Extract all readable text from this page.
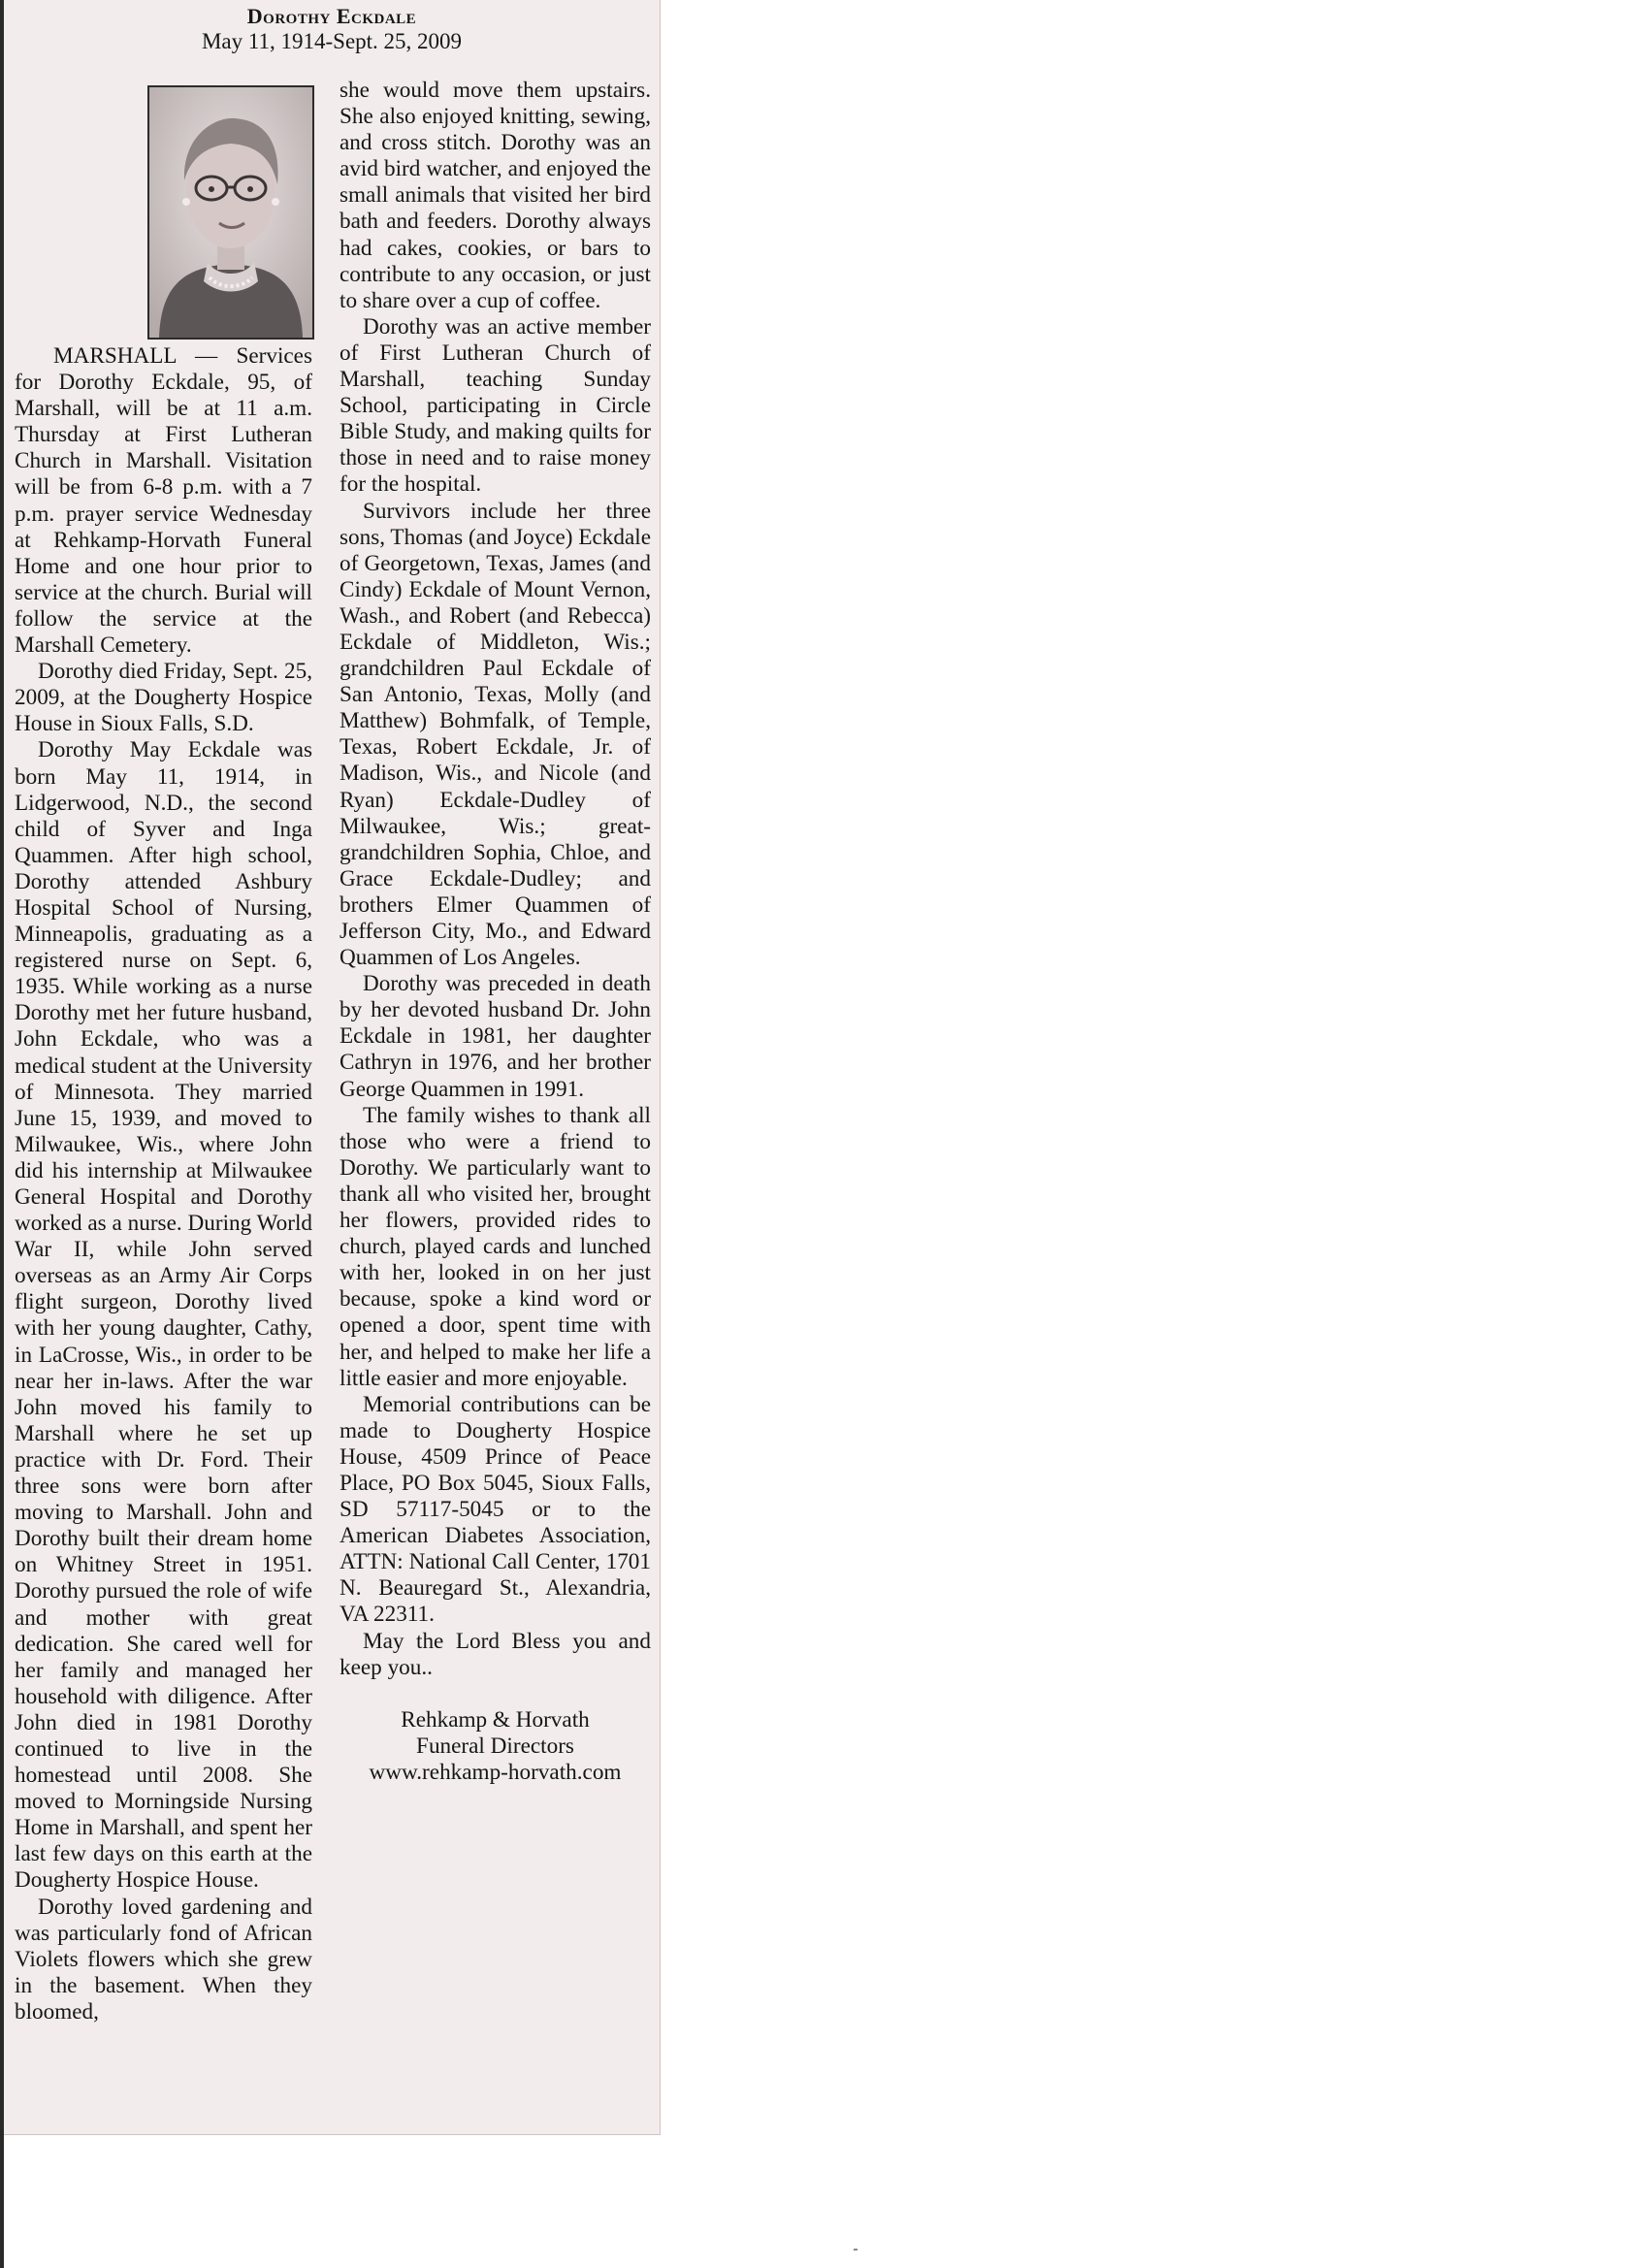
Dorothy Eckdale
May 11, 1914-Sept. 25, 2009

MARSHALL — Services for Dorothy Eckdale, 95, of Marshall, will be at 11 a.m. Thursday at First Lutheran Church in Marshall. Visitation will be from 6-8 p.m. with a 7 p.m. prayer service Wednesday at Rehkamp-Horvath Funeral Home and one hour prior to service at the church. Burial will follow the service at the Marshall Cemetery.

Dorothy died Friday, Sept. 25, 2009, at the Dougherty Hospice House in Sioux Falls, S.D.

Dorothy May Eckdale was born May 11, 1914, in Lidgerwood, N.D., the second child of Syver and Inga Quammen. After high school, Dorothy attended Ashbury Hospital School of Nursing, Minneapolis, graduating as a registered nurse on Sept. 6, 1935. While working as a nurse Dorothy met her future husband, John Eckdale, who was a medical student at the University of Minnesota. They married June 15, 1939, and moved to Milwaukee, Wis., where John did his internship at Milwaukee General Hospital and Dorothy worked as a nurse. During World War II, while John served overseas as an Army Air Corps flight surgeon, Dorothy lived with her young daughter, Cathy, in LaCrosse, Wis., in order to be near her in-laws. After the war John moved his family to Marshall where he set up practice with Dr. Ford. Their three sons were born after moving to Marshall. John and Dorothy built their dream home on Whitney Street in 1951. Dorothy pursued the role of wife and mother with great dedication. She cared well for her family and managed her household with diligence. After John died in 1981 Dorothy continued to live in the homestead until 2008. She moved to Morningside Nursing Home in Marshall, and spent her last few days on this earth at the Dougherty Hospice House.

Dorothy loved gardening and was particularly fond of African Violets flowers which she grew in the basement. When they bloomed,

she would move them upstairs. She also enjoyed knitting, sewing, and cross stitch. Dorothy was an avid bird watcher, and enjoyed the small animals that visited her bird bath and feeders. Dorothy always had cakes, cookies, or bars to contribute to any occasion, or just to share over a cup of coffee.

Dorothy was an active member of First Lutheran Church of Marshall, teaching Sunday School, participating in Circle Bible Study, and making quilts for those in need and to raise money for the hospital.

Survivors include her three sons, Thomas (and Joyce) Eckdale of Georgetown, Texas, James (and Cindy) Eckdale of Mount Vernon, Wash., and Robert (and Rebecca) Eckdale of Middleton, Wis.; grandchildren Paul Eckdale of San Antonio, Texas, Molly (and Matthew) Bohmfalk, of Temple, Texas, Robert Eckdale, Jr. of Madison, Wis., and Nicole (and Ryan) Eckdale-Dudley of Milwaukee, Wis.; great-grandchildren Sophia, Chloe, and Grace Eckdale-Dudley; and brothers Elmer Quammen of Jefferson City, Mo., and Edward Quammen of Los Angeles.

Dorothy was preceded in death by her devoted husband Dr. John Eckdale in 1981, her daughter Cathryn in 1976, and her brother George Quammen in 1991.

The family wishes to thank all those who were a friend to Dorothy. We particularly want to thank all who visited her, brought her flowers, provided rides to church, played cards and lunched with her, looked in on her just because, spoke a kind word or opened a door, spent time with her, and helped to make her life a little easier and more enjoyable.

Memorial contributions can be made to Dougherty Hospice House, 4509 Prince of Peace Place, PO Box 5045, Sioux Falls, SD 57117-5045 or to the American Diabetes Association, ATTN: National Call Center, 1701 N. Beauregard St., Alexandria, VA 22311.

May the Lord Bless you and keep you..

Rehkamp & Horvath
Funeral Directors
www.rehkamp-horvath.com
